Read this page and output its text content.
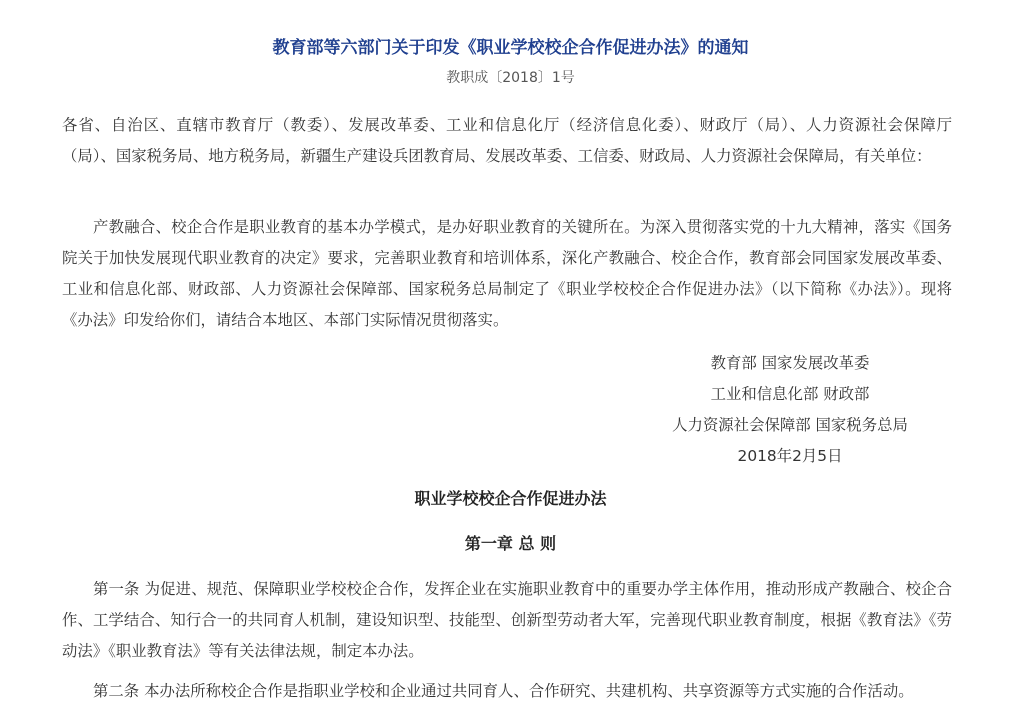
教育部等六部门关于印发《职业学校校企合作促进办法》的通知
教职成〔2018〕1号
各省、自治区、直辖市教育厅（教委）、发展改革委、工业和信息化厅（经济信息化委）、财政厅（局）、人力资源社会保障厅（局）、国家税务局、地方税务局，新疆生产建设兵团教育局、发展改革委、工信委、财政局、人力资源社会保障局，有关单位：
产教融合、校企合作是职业教育的基本办学模式，是办好职业教育的关键所在。为深入贯彻落实党的十九大精神，落实《国务院关于加快发展现代职业教育的决定》要求，完善职业教育和培训体系，深化产教融合、校企合作，教育部会同国家发展改革委、工业和信息化部、财政部、人力资源社会保障部、国家税务总局制定了《职业学校校企合作促进办法》（以下简称《办法》）。现将《办法》印发给你们，请结合本地区、本部门实际情况贯彻落实。
教育部 国家发展改革委
工业和信息化部 财政部
人力资源社会保障部 国家税务总局
2018年2月5日
职业学校校企合作促进办法
第一章 总 则
第一条 为促进、规范、保障职业学校校企合作，发挥企业在实施职业教育中的重要办学主体作用，推动形成产教融合、校企合作、工学结合、知行合一的共同育人机制，建设知识型、技能型、创新型劳动者大军，完善现代职业教育制度，根据《教育法》《劳动法》《职业教育法》等有关法律法规，制定本办法。
第二条 本办法所称校企合作是指职业学校和企业通过共同育人、合作研究、共建机构、共享资源等方式实施的合作活动。
